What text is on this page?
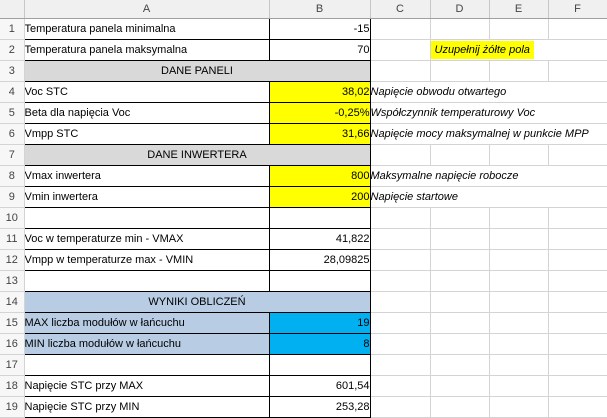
	A	B	C	D	E	F
1	Temperatura panela minimalna	-15				
2	Temperatura panela maksymalna	70		Uzupełnij żółte pola		
3	DANE PANELI					
4	Voc STC	38,02	Napięcie obwodu otwartego			
5	Beta dla napięcia Voc	-0,25%	Współczynnik temperaturowy Voc			
6	Vmpp STC	31,66	Napięcie mocy maksymalnej w punkcie MPP			
7	DANE INWERTERA					
8	Vmax inwertera	800	Maksymalne napięcie robocze			
9	Vmin inwertera	200	Napięcie startowe			
10						
11	Voc w temperaturze min - VMAX	41,822				
12	Vmpp w temperaturze max - VMIN	28,09825				
13						
14	WYNIKI OBLICZEŃ					
15	MAX liczba modułów w łańcuchu	19				
16	MIN liczba modułów w łańcuchu	8				
17						
18	Napięcie STC przy MAX	601,54				
19	Napięcie STC przy MIN	253,28				
